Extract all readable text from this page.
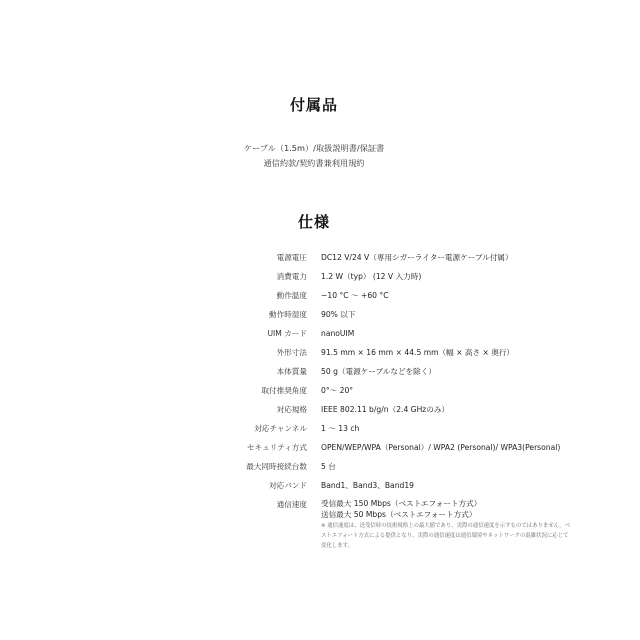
付属品
ケーブル（1.5m）/取扱説明書/保証書
通信約款/契約書兼利用規約
仕様
電源電圧 DC12 V/24 V（専用シガーライター電源ケーブル付属）
消費電力 1.2 W（typ） (12 V 入力時)
動作温度 −10 °C 〜 +60 °C
動作時湿度 90% 以下
UIM カード nanoUIM
外形寸法 91.5 mm × 16 mm × 44.5 mm（幅 × 高さ × 奥行）
本体質量 50 g（電源ケーブルなどを除く）
取付推奨角度 0°〜 20°
対応規格 IEEE 802.11 b/g/n（2.4 GHzのみ）
対応チャンネル 1 〜 13 ch
セキュリティ方式 OPEN/WEP/WPA（Personal）/ WPA2 (Personal)/ WPA3(Personal)
最大同時接続台数 5 台
対応バンド Band1、Band3、Band19
通信速度 受信最大 150 Mbps（ベストエフォート方式）
送信最大 50 Mbps（ベストエフォート方式）
※ 通信速度は、送受信時の技術規格上の最大値であり、実際の通信速度を示すものではありません。ベストエフォート方式による提供となり、実際の通信速度は通信環境やネットワークの混雑状況に応じて変化します。
